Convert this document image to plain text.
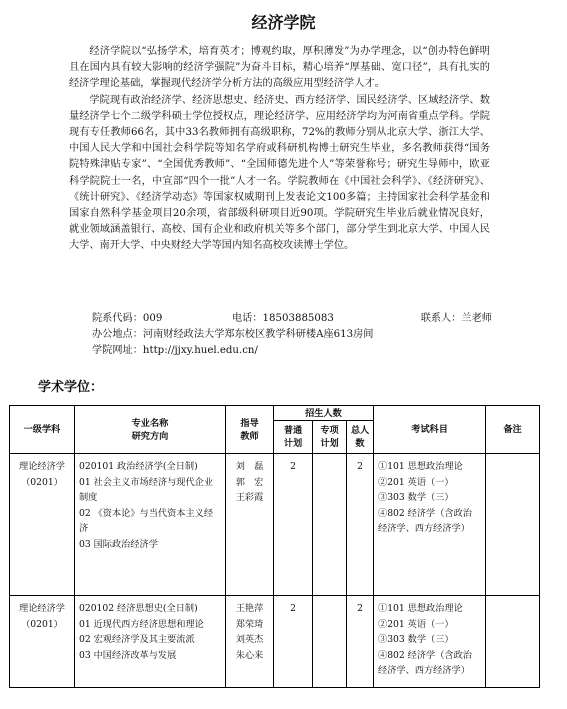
经济学院

经济学院以“弘扬学术，培育英才；博观约取，厚积薄发”为办学理念，以“创办特色鲜明且在国内具有较大影响的经济学强院”为奋斗目标，精心培养“厚基础、宽口径”，具有扎实的经济学理论基础，掌握现代经济学分析方法的高级应用型经济学人才。

学院现有政治经济学、经济思想史、经济史、西方经济学、国民经济学、区域经济学、数量经济学七个二级学科硕士学位授权点，理论经济学、应用经济学均为河南省重点学科。学院现有专任教师66名，其中33名教师拥有高级职称，72%的教师分别从北京大学、浙江大学、中国人民大学和中国社会科学院等知名学府或科研机构博士研究生毕业，多名教师获得“国务院特殊津贴专家”、“全国优秀教师”、“全国师德先进个人”等荣誉称号；研究生导师中，欧亚科学院院士一名，中宣部“四个一批”人才一名。学院教师在《中国社会科学》、《经济研究》、《统计研究》、《经济学动态》等国家权威期刊上发表论文100多篇；主持国家社会科学基金和国家自然科学基金项目20余项，省部级科研项目近90项。学院研究生毕业后就业情况良好，就业领域涵盖银行、高校、国有企业和政府机关等多个部门，部分学生到北京大学、中国人民大学、南开大学、中央财经大学等国内知名高校攻读博士学位。

院系代码：009	电话：18503885083	联系人：兰老师
办公地点：河南财经政法大学郑东校区教学科研楼A座613房间
学院网址：http://jjxy.huel.edu.cn/
学术学位：
一级学科	专业名称
研究方向	指导教师	招生人数			考试科目	备注
			普通计划	专项计划	总人数		

理论经济学
（0201）	020101 政治经济学(全日制)
01 社会主义市场经济与现代企业制度
02 《资本论》与当代资本主义经济
03 国际政治经济学	刘　磊
郭　宏
王彩霞	2		2	①101 思想政治理论
②201 英语（一）
③303 数学（三）
④802 经济学（含政治经济学、西方经济学）	

理论经济学
（0201）	020102 经济思想史(全日制)
01 近现代西方经济思想和理论
02 宏观经济学及其主要流派
03 中国经济改革与发展	王艳萍
郑荣琦
刘英杰
朱心来	2		2	①101 思想政治理论
②201 英语（一）
③303 数学（三）
④802 经济学（含政治经济学、西方经济学）	
